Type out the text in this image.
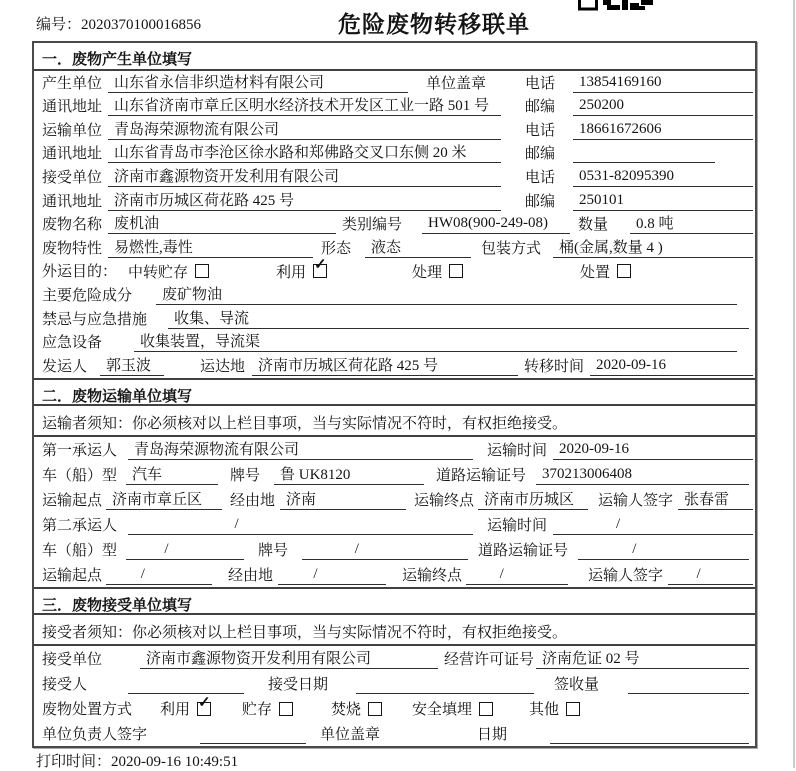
编号：2020370100016856	危险废物转移联单
一．废物产生单位填写
产生单位 山东省永信非织造材料有限公司	单位盖章	电话	13854169160
通讯地址 山东省济南市章丘区明水经济技术开发区工业一路 501 号	邮编	250200
运输单位 青岛海荣源物流有限公司	电话	18661672606
通讯地址 山东省青岛市李沧区徐水路和郑佛路交叉口东侧 20 米	邮编
接受单位 济南市鑫源物资开发利用有限公司	电话	0531-82095390
通讯地址 济南市历城区荷花路 425 号	邮编	250101
废物名称 废机油	类别编号	HW08(900-249-08)	数量	0.8 吨
废物特性 易燃性,毒性	形态	液态	包装方式	桶(金属,数量 4 )
外运目的： 中转贮存	利用 ✓	处理	处置
主要危险成分	废矿物油
禁忌与应急措施	收集、导流
应急设备	收集装置，导流渠
发运人	郭玉波	运达地 济南市历城区荷花路 425 号	转移时间 2020-09-16
二．废物运输单位填写
运输者须知：你必须核对以上栏目事项，当与实际情况不符时，有权拒绝接受。
第一承运人	青岛海荣源物流有限公司	运输时间 2020-09-16
车（船）型 汽车	牌号	鲁 UK8120	道路运输证号	370213006408
运输起点 济南市章丘区	经由地 济南	运输终点 济南市历城区	运输人签字 张春雷
第二承运人	/	运输时间	/
车（船）型	/	牌号	/	道路运输证号	/
运输起点	/	经由地	/	运输终点	/	运输人签字	/
三．废物接受单位填写
接受者须知：你必须核对以上栏目事项，当与实际情况不符时，有权拒绝接受。
接受单位	济南市鑫源物资开发利用有限公司	经营许可证号 济南危证 02 号
接受人	接受日期	签收量
废物处置方式	利用 ✓ 贮存	焚烧	安全填埋	其他
单位负责人签字	单位盖章	日期
打印时间：2020-09-16 10:49:51
